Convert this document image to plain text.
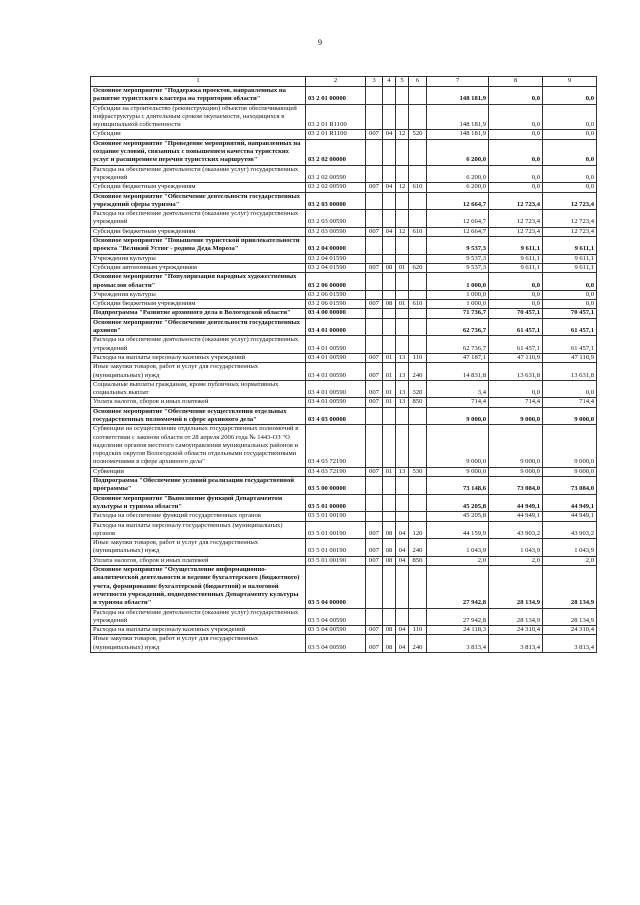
9
1	2	3	4	5	6	7	8	9
Основное мероприятие "Поддержка проектов, направленных на развитие туристского кластера на территории области"	03 2 01 00000					148 181,9	0,0	0,0
Субсидии на строительство (реконструкцию) объектов обеспечивающей инфраструктуры с длительным сроком окупаемости, находящихся в муниципальной собственности	03 2 01 R1100					148 181,9	0,0	0,0
Субсидии	03 2 01 R1100	007	04	12	520	148 181,9	0,0	0,0
Основное мероприятие "Проведение мероприятий, направленных на создание условий, связанных с повышением качества туристских услуг и расширением перечня туристских маршрутов"	03 2 02 00000					6 200,0	0,0	0,0
Расходы на обеспечение деятельности (оказание услуг) государственных учреждений	03 2 02 00590					6 200,0	0,0	0,0
Субсидии бюджетным учреждениям	03 2 02 00590	007	04	12	610	6 200,0	0,0	0,0
Основное мероприятие "Обеспечение деятельности государственных учреждений сферы туризма"	03 2 03 00000					12 664,7	12 723,4	12 723,4
Расходы на обеспечение деятельности (оказание услуг) государственных учреждений	03 2 03 00590					12 664,7	12 723,4	12 723,4
Субсидии бюджетным учреждениям	03 2 03 00590	007	04	12	610	12 664,7	12 723,4	12 723,4
Основное мероприятие "Повышение туристской привлекательности проекта "Великий Устюг - родина Деда Мороза"	03 2 04 00000					9 537,3	9 611,1	9 611,1
Учреждения культуры	03 2 04 01590					9 537,3	9 611,1	9 611,1
Субсидии автономным учреждениям	03 2 04 01590	007	08	01	620	9 537,3	9 611,1	9 611,1
Основное мероприятие "Популяризация народных художественных промыслов области"	03 2 06 00000					1 000,0	0,0	0,0
Учреждения культуры	03 2 06 01590					1 000,0	0,0	0,0
Субсидии бюджетным учреждениям	03 2 06 01590	007	08	01	610	1 000,0	0,0	0,0
Подпрограмма "Развитие архивного дела в Вологодской области"	03 4 00 00000					71 736,7	70 457,1	70 457,1
Основное мероприятие "Обеспечение деятельности государственных архивов"	03 4 01 00000					62 736,7	61 457,1	61 457,1
Расходы на обеспечение деятельности (оказание услуг) государственных учреждений	03 4 01 00590					62 736,7	61 457,1	61 457,1
Расходы на выплаты персоналу казенных учреждений	03 4 01 00590	007	01	13	110	47 187,1	47 110,9	47 110,9
Иные закупки товаров, работ и услуг для государственных (муниципальных) нужд	03 4 01 00590	007	01	13	240	14 831,8	13 631,8	13 631,8
Социальные выплаты гражданам, кроме публичных нормативных социальных выплат	03 4 01 00590	007	01	13	320	3,4	0,0	0,0
Уплата налогов, сборов и иных платежей	03 4 01 00590	007	01	13	850	714,4	714,4	714,4
Основное мероприятие "Обеспечение осуществления отдельных государственных полномочий в сфере архивного дела"	03 4 03 00000					9 000,0	9 000,0	9 000,0
Субвенции на осуществление отдельных государственных полномочий в соответствии с законом области от 28 апреля 2006 года № 1443-ОЗ "О наделении органов местного самоуправления муниципальных районов и городских округов Вологодской области отдельными государственными полномочиями в сфере архивного дела"	03 4 03 72190					9 000,0	9 000,0	9 000,0
Субвенции	03 4 03 72190	007	01	13	530	9 000,0	9 000,0	9 000,0
Подпрограмма "Обеспечение условий реализации государственной программы"	03 5 00 00000					73 148,6	73 084,0	73 084,0
Основное мероприятие "Выполнение функций Департаментом культуры и туризма области"	03 5 01 00000					45 205,8	44 949,1	44 949,1
Расходы на обеспечение функций государственных органов	03 5 01 00190					45 205,8	44 949,1	44 949,1
Расходы на выплаты персоналу государственных (муниципальных) органов	03 5 01 00190	007	08	04	120	44 159,9	43 903,2	43 903,2
Иные закупки товаров, работ и услуг для государственных (муниципальных) нужд	03 5 01 00190	007	08	04	240	1 043,9	1 043,9	1 043,9
Уплата налогов, сборов и иных платежей	03 5 01 00190	007	08	04	850	2,0	2,0	2,0
Основное мероприятие "Осуществление информационно-аналитической деятельности и ведение бухгалтерского (бюджетного) учета, формирование бухгалтерской (бюджетной) и налоговой отчетности учреждений, подведомственных Департаменту культуры и туризма области"	03 5 04 00000					27 942,8	28 134,9	28 134,9
Расходы на обеспечение деятельности (оказание услуг) государственных учреждений	03 5 04 00590					27 942,8	28 134,9	28 134,9
Расходы на выплаты персоналу казенных учреждений	03 5 04 00590	007	08	04	110	24 118,3	24 310,4	24 310,4
Иные закупки товаров, работ и услуг для государственных (муниципальных) нужд	03 5 04 00590	007	08	04	240	3 813,4	3 813,4	3 813,4
